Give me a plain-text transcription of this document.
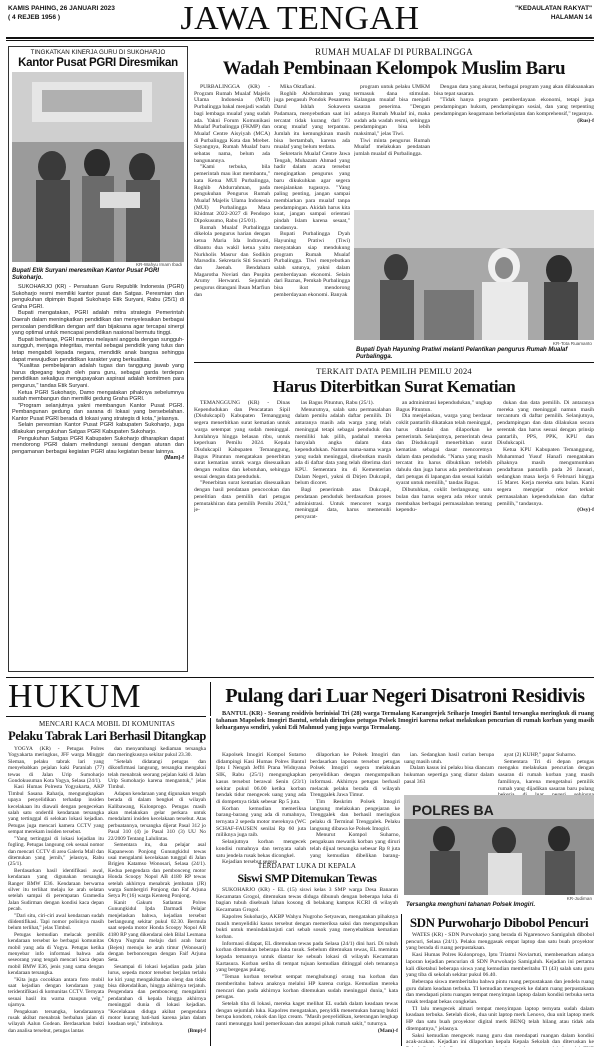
KAMIS PAHING, 26 JANUARI 2023
( 4 REJEB 1956 )	JAWA TENGAH	"KEDAULATAN RAKYAT"
HALAMAN 14
TINGKATKAN KINERJA GURU DI SUKOHARJO
Kantor Pusat PGRI Diresmikan
KR-Wahyu Imam Ibadi
Bupati Etik Suryani meresmikan Kantor Pusat PGRI Sukoharjo.

SUKOHARJO (KR) - Persatuan Guru Republik Indonesia (PGRI) Sukoharjo resmi memiliki kantor pusat dan Satgas. Peresmian dan pengukuhan dipimpin Bupati Sukoharjo Etik Suryani, Rabu (25/1) di Graha PGRI.

Bupati mengatakan, PGRI adalah mitra strategis Pemerintah Daerah dalam meningkatkan pendidikan dan menyelesaikan berbagai persoalan pendidikan dengan arif dan bijaksana agar tercapai sinergi yang optimal untuk mencapai pendidikan nasional bermutu tinggi.

Bupati berharap, PGRI mampu melayani anggota dengan sungguh-sungguh, menjaga integritas, mental sebagai pendidik yang tulus dan tetap mengabdi kepada negara, mendidik anak bangsa sehingga dapat mewujudkan pendidikan karakter yang berkualitas.

"Kualitas pembelajaran adalah tugas dan tanggung jawab yang harus dipegang teguh oleh para guru, sebagai garda terdepan pendidikan sekaligus mengupayakan aspirasi adalah komitmen para pengurus," tandas Etik Suryani.

Ketua PGRI Sukoharjo, Damo mengatakan pihaknya sebelumnya sudah membangun dan memiliki gedung Graha PGRI.

"Program selanjutnya yakni membangun Kantor Pusat PGRI. Pembangunan gedung dan sarana di lokasi yang bersebelahan. Kantor Pusat PGRI berada di lokasi yang strategis di kota," jelasnya.

Selain peresmian Kantor Pusat PGRI kabupaten Sukoharjo, juga dilakukan pengukuhan Satgas PGRI Kabupaten Sukoharjo.

Pengukuhan Satgas PGRI Kabupaten Sukoharjo diharapkan dapat mendorong PGRI dalam melindungi sesuai dengan aturan dan pengamanan berbagai kegiatan PGRI atau kegiatan besar lainnya.

(Mam)-f

RUMAH MUALAF DI PURBALINGGA
Wadah Pembinaan Kelompok Muslim Baru

PURBALINGGA (KR) - Program Rumah Mualaf Majelis Ulama Indonesia (MUI) Purbalingga bakal menjadi wadah bagi lembaga mualaf yang sudah ada. Yakni Forum Komunikasi Mualaf Purbalingga (FKMP) dan Mualaf Centre Aisyiyah (MCA) di Purbalingga Kota dan Mrebet. Sayangnya, Rumah Mualaf baru sebatas nama, belum ada bangunannya.

"Kami terbuka, bila pemerintah mau ikut membantu," kata Ketua MUI Purbalingga, Roghib Abdurrahman, pada pengukuhan Pengurus Rumah Mualaf Majelis Ulama Indonesia (MUI) Purbalingga Masa Khidmat 2022-2027 di Pendopo Dipokusumo, Rabu (25/01).

Rumah Mualaf Purbalingga dikelola pengurus harian dengan ketua Maria Ida Indrawati, dibantu dua wakil ketua yaitu Nurkholis Masrur dan Sodikin Marsodin. Sekretaris Siti Suwarti dan Jaenah. Bendahara Magarotha Noviati dan Puspita Arumy Herwanti. Sejumlah pengurus ditangani Ihsan Marfiun dan

Mika Oktafiani.

Roghib Abdurrahman yang juga pengasuh Pondok Pesantren Darul Ishlah Sokawera Padamara, menyebutkan saat ini tercatat tidak kurang dari 73 orang mualaf yang terpantau. Jumlah itu kemungkinan masih bisa bertambah, karena ada mualaf yang belum terdata.

Sekretaris Mualaf Centre Jawa Tengah, Muhazam Ahmad yang hadir dalam acara tersebut mengingatkan pengurus yang baru dikukuhkan agar segera menjalankan tugasnya. "Yang paling penting, jangan sampai membiarkan para mualaf tanpa pendampingan. Akidah harus kita kuat, jangan sampai orientasi pindah Islam karena sesaat," tandasnya.

Bupati Purbalingga Dyah Hayuning Pratiwi (Tiwi) menyatakan siap mendukung program Rumah Mualaf Purbalingga. Tiwi menyebutkan salah satunya, yakni dalam pemberdayaan ekonomi. Selain dari Baznas, Pemkab Purbalingga bisa ikut mendorong pemberdayaan ekonomi. Banyak

program untuk pelaku UMKM termasuk dana stimulan. Kalangan mualaf bisa menjadi sasaran penerima. "Dengan adanya Rumah Mualaf ini, maka sudah ada wadah resmi, sehingga pendampingan bisa lebih maksimal," jelas Tiwi.

Tiwi minta pengurus Rumah Mualaf melakukan pendataan jumlah mualaf di Purbalingga.

Dengan data yang akurat, berbagai program yang akan dilaksanakan bisa tepat sasaran.

"Tidak hanya program pemberdayaan ekonomi, tetapi juga pendampingan hukum, pendampingan sosial, dan yang terpenting pendampingan keagamaan berkelanjutan dan komprehensif," tegasnya.

(Rus)-f

KR-Tota Ruamanto
Bupati Dyah Hayuning Pratiwi melanti Pelantikan pengurus Rumah Mualaf Purbalingga.
TERKAIT DATA PEMILIH PEMILU 2024
Harus Diterbitkan Surat Kematian

TEMANGGUNG (KR) - Dinas Kependudukan dan Pencatatan Sipil (Disdukcapil) Kabupaten Temanggung segera menerbitkan surat kematian untuk warga setempat yang sudah meninggal. Jumlahnya hingga belasan ribu, untuk keperluan Pemilu 2024. Kepala Disdukcapil Kabupaten Temanggung, Bagus Pituntun mengatakan penerbitan surat kematian untuk warga disesuaikan dengan realitas dan kebutuhan, sehingga sesuai dengan data penduduk.

"Penerbitan surat kematian disesuaikan dengan hasil pendataan pencocokan dan penelitian data pemilih dari petugas pemutakhiran data pemilih Pemilu 2024," je-

las Bagus Pituntun, Rabu (25/1).

Menurutnya, salah satu permasalahan dalam pemilu adalah daftar pemilih. Di antaranya masih ada warga yang telah meninggal tetapi sebagai penduduk dan memiliki hak pilih, padahal mereka hanyalah angka dalam data kependudukan. Namun nama-nama warga yang sudah meninggal, disebutkan masih ada di daftar data yang telah diterima dari KPU. Sementara itu di Kementerian Dalam Negeri, yakni di Dirjen Dukcapil, belum dicoret.

Bagi penerintah atas Dukcapil, pendataan penduduk berdasarkan proses administrasi. Untuk mencoret warga meninggal data, harus memenuhi persyarat-

an administrasi kependudukan," ungkap Bagus Pituntun.

Dia menjelaskan, warga yang berdasar coklit pantarlih dikatakan telah meninggal, harus ditandai dan dilaporkan ke pemerintah. Selanjutnya, pemerintah desa dan Disdukcapil menerbitkan surat kematian sebagai dasar mencoretnya dalam data penduduk. "Nama yang masih tercatat itu harus dibuktikan terlebih dahulu dan juga harus ada pemberitahuan dari petugas di lapangan dan sesuai kaidah syarat untuk memilih," tandas Bagus.

Dibutuhkan, coklit berlangsung satu bulan dan harus segera ada rekor untuk membahas berbagai permasalahan tentang kependu-

dukan dan data pemilih. Di antaranya mereka yang meninggal namun masih tercantum di daftar pemilih. Selanjutnya, pendampingan dan data dilakukan secara serentak dan harus sesuai dengan prinsip pantarlih, PPS, PPK, KPU dan Disdukcapil.

Ketua KPU Kabupaten Temanggung, Muhammad Yusuf Hanafi mengatakan pihaknya masih mengumumkan pendaftaran pantarlih pada 26 Januari, sedangkan masa kerja 6 Februari hingga 15 Maret. Kerja mereka satu bulan. Kami segera mengejar rekor terkait permasalahan kependudukan dan daftar pemilih," tandasnya.

(Osy)-f

HUKUM	Pulang dari Luar Negeri Disatroni Residivis
MENCARI KACA MOBIL DI KOMUNITAS
Pelaku Tabrak Lari Berhasil Ditangkap

YOGYA (KR) - Petugas Polres Yogyakarta meringkus, JFF warga Minggir Sleman, pelaku tabrak lari yang menyebabkan pejalan kaki Paraniah (77) tewas di Jalan Urip Sumoharjo Gondokusuman Kota Yogya, Selasa (24/1).

Kasi Humas Polresta Yogyakarta, AKP Timbul Sasana Raharja, mengungkapkan upaya penyelidikan terhadap insiden kecelakaan itu diawali dengan pengecekan salah satu onderdil kendaraan tersangka yang tertinggal di selokan lokasi kejadian. Petugas juga mencari kamera CCTV yang sempat merekam insiden tersebut.

"Yang tertinggal di lokasi kejadian itu fogling. Petugas langsung cek sesuai nomor dan mencari CCTV di area Galeria Mall dan ditemukan yang jernih," jelasnya, Rabu (25/1).

Berdasarkan hasil identifikasi awal, kendaraan yang digunakan tersangka Ranger BMW E36. Kendaraan berwarna silver itu terlihat melaju ke arah selatan setelah sampai di perempatan Gramedia Jalan Sudirman dengan kondisi kaca depan pecah.

"Dari situ, ciri-ciri awal kendaraan sudah diidentifikasi. Tapi nomor polisinya masih belum terlihat," jelas Timbul.

Petugas kemudian melacak pemilik kendaraan tersebut ke berbagai komunitas mobil yang ada di Yogya. Petugas ketika menyebar info informasi bahwa ada seseorang yang tengah mencari kaca depan mobil BMW E36, jenis yang sama dengan kendaraan tersangka.

"Kita juga cocokkan antara foto mobil saat kejadian dengan kendaraan yang teridentifikasi di komunitas CCTV. Ternyata sesuai hasil itu warna maupun velg," ujarnya.

Pengakuan tersangka, kendaraannya rusak akibat menabrak berbahan jalan di wilayah Aalun Godean. Berdasarkan bukti dan analisa tersebut, petugas lantas

dan menyambangi kediaman tersangka dan meringkusnya sekitar pukul 23.30.

"Setelah didatangi petugas dan dikonfirmasi langsung, tersangka mengakui telah menabrak seorang pejalan kaki di Jalan Urip Sumoharjo karena mengantuk," jelas Timbul.

Adapun kendaraan yang digunakan tengah berada di dalam bengkel di wilayah Kalibawang, Kulonprogo. Petugas masih akan melakukan gelar perkara untuk mendalami insiden kecelakaan tersebut. Atas perbuatannya, tersangka dijerat Pasal 312 jo Pasal 310 (4) jo Pasal 310 (3) UU No 22/2009 Tentang Lalulintas.

Sementara itu, dua pelajar asal Kapanewon Ponjong Gunungkidul tewas usai mengalami kecelakaan tunggal di Jalan Brigjen Katamso Wonosari, Selasa (24/1). Kedua pengendara dan pembonceng motor Honda Scoopy Nopol AB 4180 RP tewas setelah akhirnya menabrak jembatan (JR) warga Sumbergiri Ponjong dan Faf Arjuna Setya Pt (16) warga Kenteng Ponjong.

Kanit Gakum Satlantas Polres Gunungkidul Ipda Darmadi Pelajar menjelaskan bahwa, kejadian tersebut berlangsung sekitar pukul 02.30. Bermula saat sepeda motor Honda Scoopy Nopol AB 4180 RP yang dikendarai oleh Bilal Lesmana Oktya Nugraha melaju dari arah barat (Bejen) menuju ke arah timur (Wonosari) dengan berboncengan dengan Faif Arjuna Seta.

Sesampai di lokasi kejadian pada jalan lurus, sepeda motor tersebut berjalan terlalu ke kiri yang mengakibatkan oleng dan tidak bisa dikendalikan, hingga akhirnya terjatuh. Pengendara dan pembonceng mengalami pendarahan di kepala hingga akhirnya meninggal dunia di lokasi kejadian. "Kecelakaan diduga akibat pengendara motor kurang hati-hati karena jalan dalam keadaan sepi," imbuhnya.

(Bmp)-f

BANTUL (KR) - Seorang residivis berinisial Tri (28) warga Termalang Karangrejek Sriharjo Imogiri Bantul tersangka meringkuk di ruang tahanan Mapolsek Imogiri Bantul, setelah diringkus petugas Polsek Imogiri karena nekat melakukan pencurian di rumah korban yang masih keluarganya sendiri, yakni Edi Mahmud yang juga warga Termalang.

Kapolsek Imogiri Kompol Sutarno didampingi Kasi Humas Polres Bantul Iptu I Nengah Jeffri Prana Widnyana SIK, Rabu (25/1) mengungkapkan kasus tersebut berawal Senin (23/1) sekitar pukul 06.00 ketika korban hendak tidur mengecek uang yang ada di dompetnya tidak sebesar Rp 5 juta.

Korban kemudian memeriksa barang-barang yang ada di rumahnya, ternyata 2 sepeda motor mereknya (WC SCHAF-FAUSEN senilai Rp 60 juta miliknya juga raib.

Selanjutnya korban mengecek kondisi rumahnya dan ternyata salah satu jendela rusak bekas dicongkel.

Kejadian tersebut segera

dilaporkan ke Polsek Imogiri dan berdasarkan laporan tersebut petugas Polsek Imogiri segera melakukan penyelidikan dengan mengumpulkan informasi. Akhirnya petugas berhasil melacak pelaku berada di wilayah Trenggalek Jawa Timur.

Tim Reskrim Polsek Imogiri langsung melakukan pengejaran ke Trenggalek dan berhasil meringkus pelaku di Terminal Trenggalek. Pelaku langsung dibawa ke Polsek Imogiri.

Menurut Kompol Suharno, pengakuan mewarik korban yang diruri telah dijual tersangka sebesar Rp 8 juta yang kemudian dibelikan barang-

ian. Sedangkan hasil curian berupa uang masih utuh.

Dalam kasus ini pelaku bisa diancam hukuman sepertiga yang diatur dalam pasal 363

ayat (2) KUHP," papar Suharno.

Sementara Tri di depan petugas mengaku melakukan pencurian dengan sasaran di rumah korban yang masih familinya, karena mengetahui pemilik rumah yang dijadikan sasaran baru pulang

POLRES BA
KR-Judiman
Tersangka menghuni tahanan Polsek Imogiri.
TERDAPAT LUKA DI KEPALA
Siswi SMP Ditemukan Tewas

SUKOHARJO (KR) - EL (15) siswi kelas 3 SMP warga Desa Banaran Kecamatan Grogol, ditemukan tewas diduga dibunuh dengan beberapa luka di bagian tubuh disebuah lahan kosong di belakang kampus KCRI di wilayah Kecamatan Grogol.

Kapolres Sukoharjo, AKBP Wahyu Nugroho Setyawan, mengatakan pihaknya masih menyelidiki kasus tersebut dengan memeriksa saksi dan mengumpulkan bukti untuk menindaklanjuti cari sebab sosok yang menyebabkan kematian korban.

Informasi didapat, EL ditemukan tewas pada Selasa (24/1) dini hari. Di tubuh korban ditemukan beberapa luka tusuk. Sebelum ditemukan tewas, EL meminta kepada temannya untuk diantar ke sebuah lokasi di wilayah Kecamatan Kartasura. Korban setiba di tempat tujuan kemudian ditinggal oleh temannya yang bergegas pulang.

"Teman korban tersebut sempat menghubungi orang tua korban dan memberitahu bahwa anaknya melalui HP karena curiga. Kemudian mereka mencari dan pada akhirnya korban ditemukan sudah meninggal dunia," kata petugas.

Setelah tiba di lokasi, mereka kaget melihat EL sudah dalam keadaan tewas dengan sejumlah luka. Kapolres mengatakan, penyidik menemukan barang bukti berupa kondom, rokok dan lipz cream. "Masih penyelidikan, keterangan lengkap nanti menunggu hasil pemeriksaan dan autopsi pihak rumah sakit," tuturnya.

(Mam)-f

SDN Purwoharjo Dibobol Pencuri

WATES (KR) - SDN Purwoharjo yang berada di Ngarenowo Samigaluh dibobol pencuri, Selasa (24/1). Pelaku menggasak empat laptop dan satu buah proyektor yang berada di ruang perpustakaan.

Kasi Humas Polres Kulonprogo, Iptu Triatmi Noviartuti, membenarkan adanya laporan kejadian pencurian di SDN Purwoharjo Samigaluh. Kejadian ini pertama kali diketahui beberapa siswa yang kemudian memberitahu TI (43) salah satu guru yang tiba di sekolah sekitar pukul 06.40.

Beberapa siswa memberitahu bahwa pintu ruang perpustakaan dan jendela ruang guru dalam keadaan terbuka. TI kemudian mengecek ke dalam ruang perpustakaan dan mendapati pintu ruangan tempat menyimpan laptop dalam kondisi terbuka serta rusak terdapat bekas congkelan.

TI lalu mengecek almari tempat menyimpan laptop ternyata sudah dalam keadaan terbuka. Setelah dicek, dua unit laptop merk Lenovo, dua unit laptop merk HP dan satu buah proyektor digital merk BENQ telah hilang atau tidak ada ditempatnya," jelasnya.

Saksi kemudian mengecek ruang guru dan mendapati ruangan dalam kondisi acak-acakan. Kejadian ini dilaporkan kepala Kepala Sekolah dan diteruskan ke
